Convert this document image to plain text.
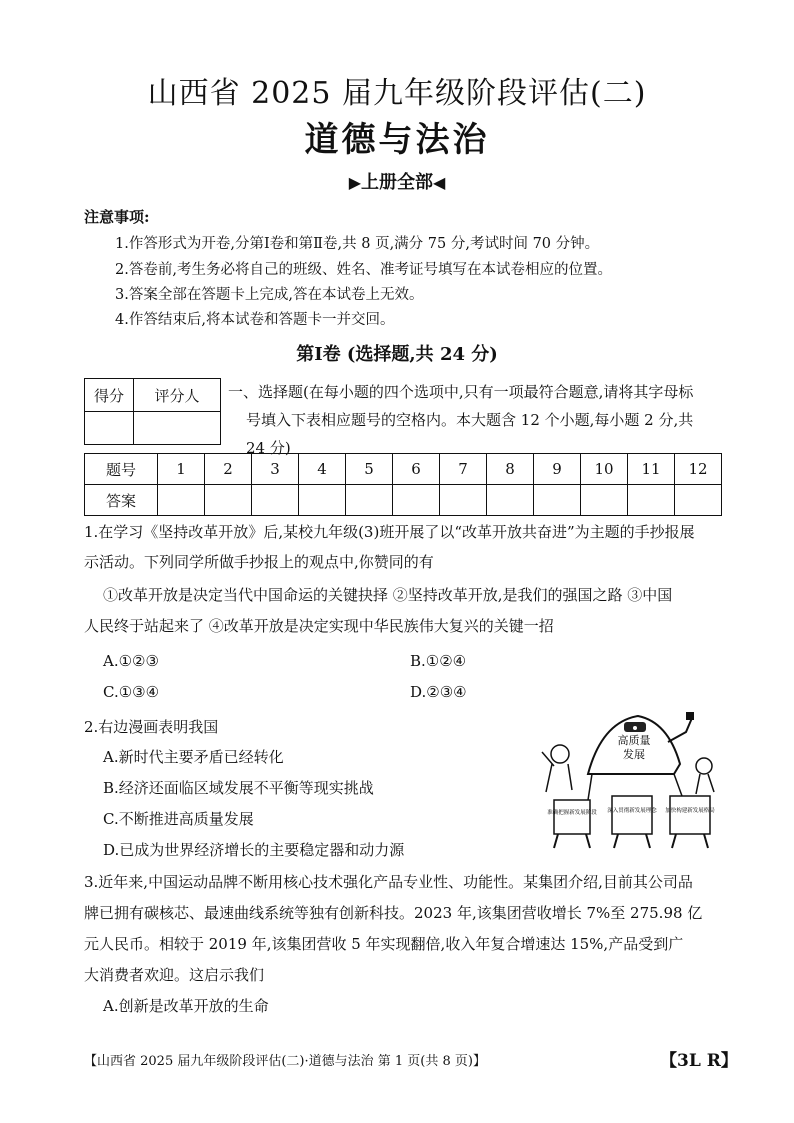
山西省 2025 届九年级阶段评估(二)
道德与法治
▶上册全部◀
注意事项:
1.作答形式为开卷,分第Ⅰ卷和第Ⅱ卷,共 8 页,满分 75 分,考试时间 70 分钟。
2.答卷前,考生务必将自己的班级、姓名、准考证号填写在本试卷相应的位置。
3.答案全部在答题卡上完成,答在本试卷上无效。
4.作答结束后,将本试卷和答题卡一并交回。
第Ⅰ卷 (选择题,共 24 分)
得分	评分人
	一、选择题(在每小题的四个选项中,只有一项最符合题意,请将其字母标
号填入下表相应题号的空格内。本大题含 12 个小题,每小题 2 分,共
24 分)
题号	1	2	3	4	5	6	7	8	9	10	11	12
答案												
1.在学习《坚持改革开放》后,某校九年级(3)班开展了以“改革开放共奋进”为主题的手抄报展
示活动。下列同学所做手抄报上的观点中,你赞同的有
①改革开放是决定当代中国命运的关键抉择 ②坚持改革开放,是我们的强国之路 ③中国
人民终于站起来了 ④改革开放是决定实现中华民族伟大复兴的关键一招
A.①②③	B.①②④
C.①③④	D.②③④
2.右边漫画表明我国
A.新时代主要矛盾已经转化
B.经济还面临区域发展不平衡等现实挑战
C.不断推进高质量发展
D.已成为世界经济增长的主要稳定器和动力源
高质量
发展
准确把握新发展阶段 深入贯彻新发展理念 加快构建新发展格局
3.近年来,中国运动品牌不断用核心技术强化产品专业性、功能性。某集团介绍,目前其公司品
牌已拥有碳核芯、最速曲线系统等独有创新科技。2023 年,该集团营收增长 7%至 275.98 亿
元人民币。相较于 2019 年,该集团营收 5 年实现翻倍,收入年复合增速达 15%,产品受到广
大消费者欢迎。这启示我们
A.创新是改革开放的生命
【山西省 2025 届九年级阶段评估(二)·道德与法治 第 1 页(共 8 页)】	【3L R】
